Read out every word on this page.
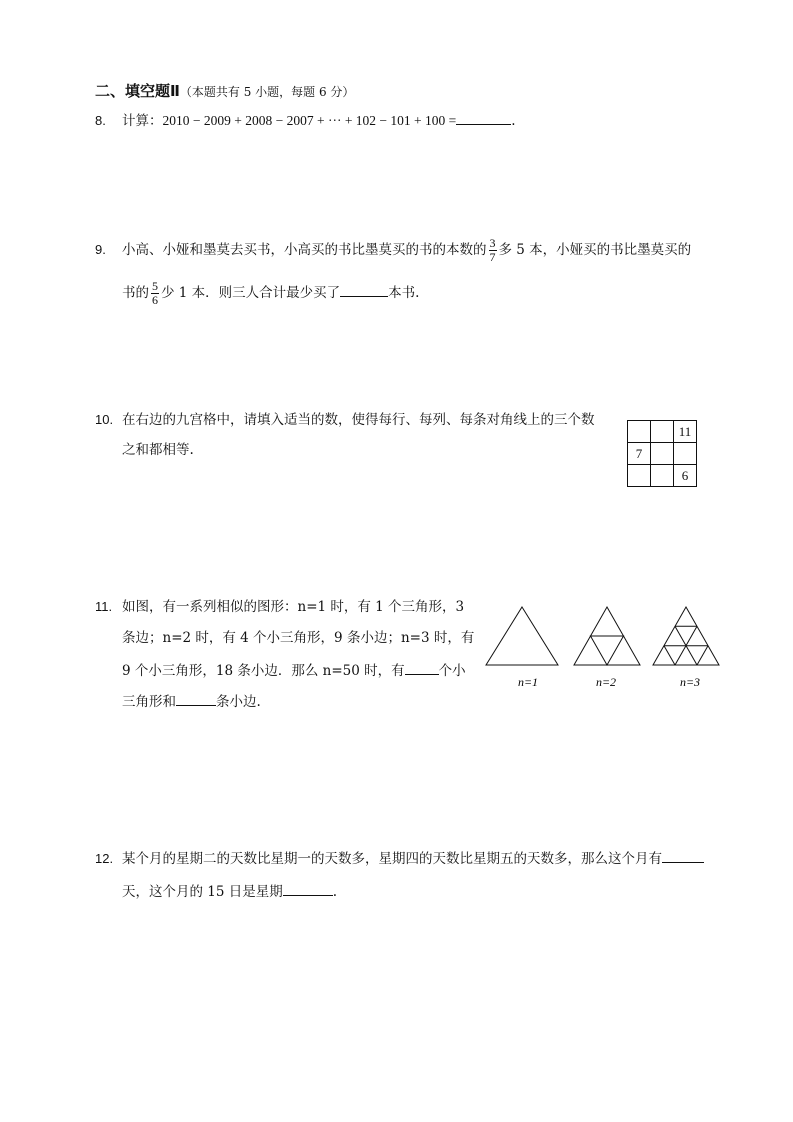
二、填空题Ⅱ（本题共有 5 小题，每题 6 分）
8. 计算：2010 − 2009 + 2008 − 2007 + ··· + 102 − 101 + 100 =	.
9. 小高、小娅和墨莫去买书，小高买的书比墨莫买的书的本数的 $\frac{3}{7}$ 多 5 本，小娅买的书比墨莫买的
书的 $\frac{5}{6}$ 少 1 本．则三人合计最少买了	本书.
10. 在右边的九宫格中，请填入适当的数，使得每行、每列、每条对角线上的三个数
之和都相等.
		11
7		
		6
11. 如图，有一系列相似的图形：n=1 时，有 1 个三角形，3
条边；n=2 时，有 4 个小三角形，9 条小边；n=3 时，有
9 个小三角形，18 条小边．那么 n=50 时，有	个小
三角形和	条小边.
n=1	n=2	n=3
12. 某个月的星期二的天数比星期一的天数多，星期四的天数比星期五的天数多，那么这个月有
天，这个月的 15 日是星期	.
